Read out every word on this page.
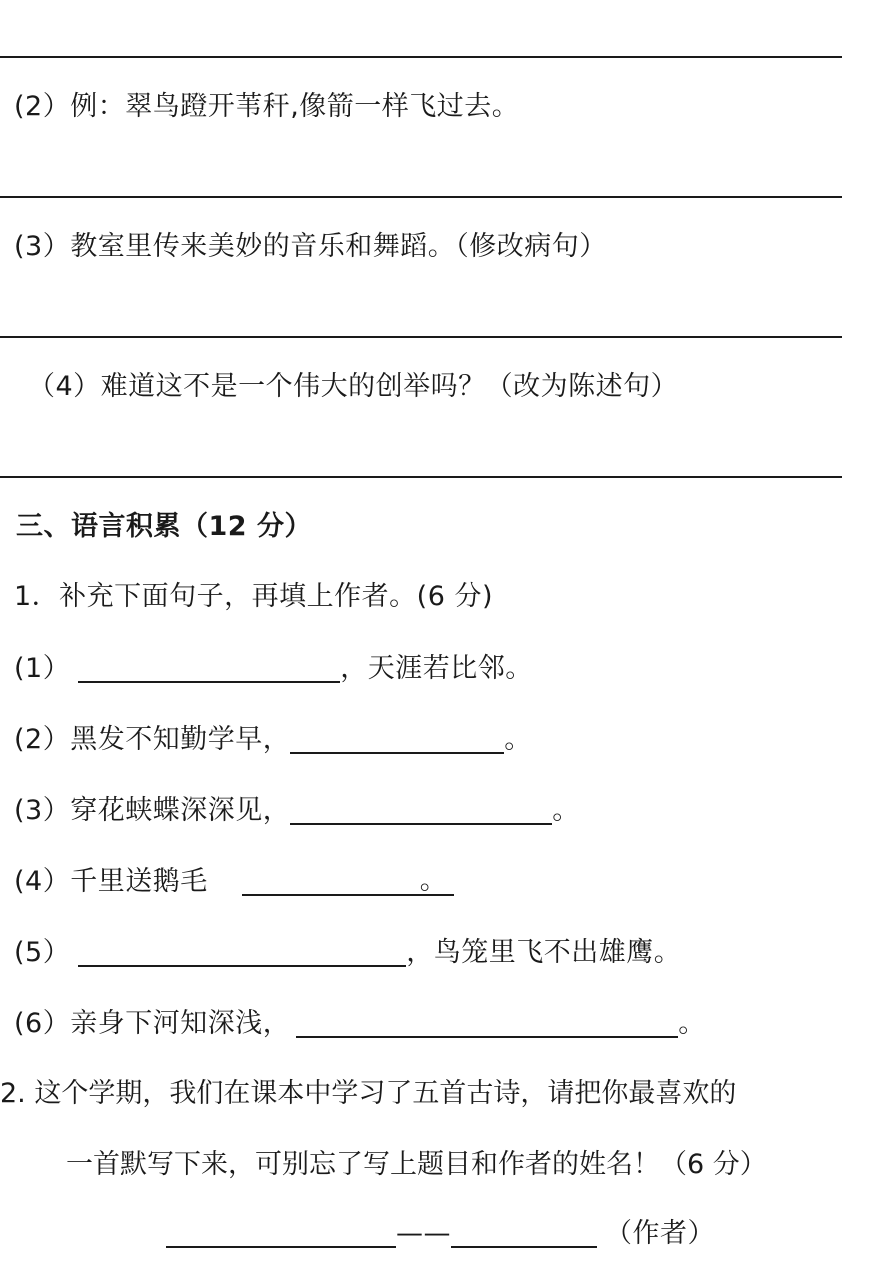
(2）例：翠鸟蹬开苇秆,像箭一样飞过去。
(3）教室里传来美妙的音乐和舞蹈。（修改病句）
（4）难道这不是一个伟大的创举吗？（改为陈述句）
三、语言积累（12 分）
1．补充下面句子，再填上作者。(6 分)
(1）	，天涯若比邻。
(2）黑发不知勤学早，	。
(3）穿花蛱蝶深深见，	。
(4）千里送鹅毛	。
(5）	，鸟笼里飞不出雄鹰。
(6）亲身下河知深浅，	。
2. 这个学期，我们在课本中学习了五首古诗，请把你最喜欢的
一首默写下来，可别忘了写上题目和作者的姓名！（6 分）
——	（作者）
